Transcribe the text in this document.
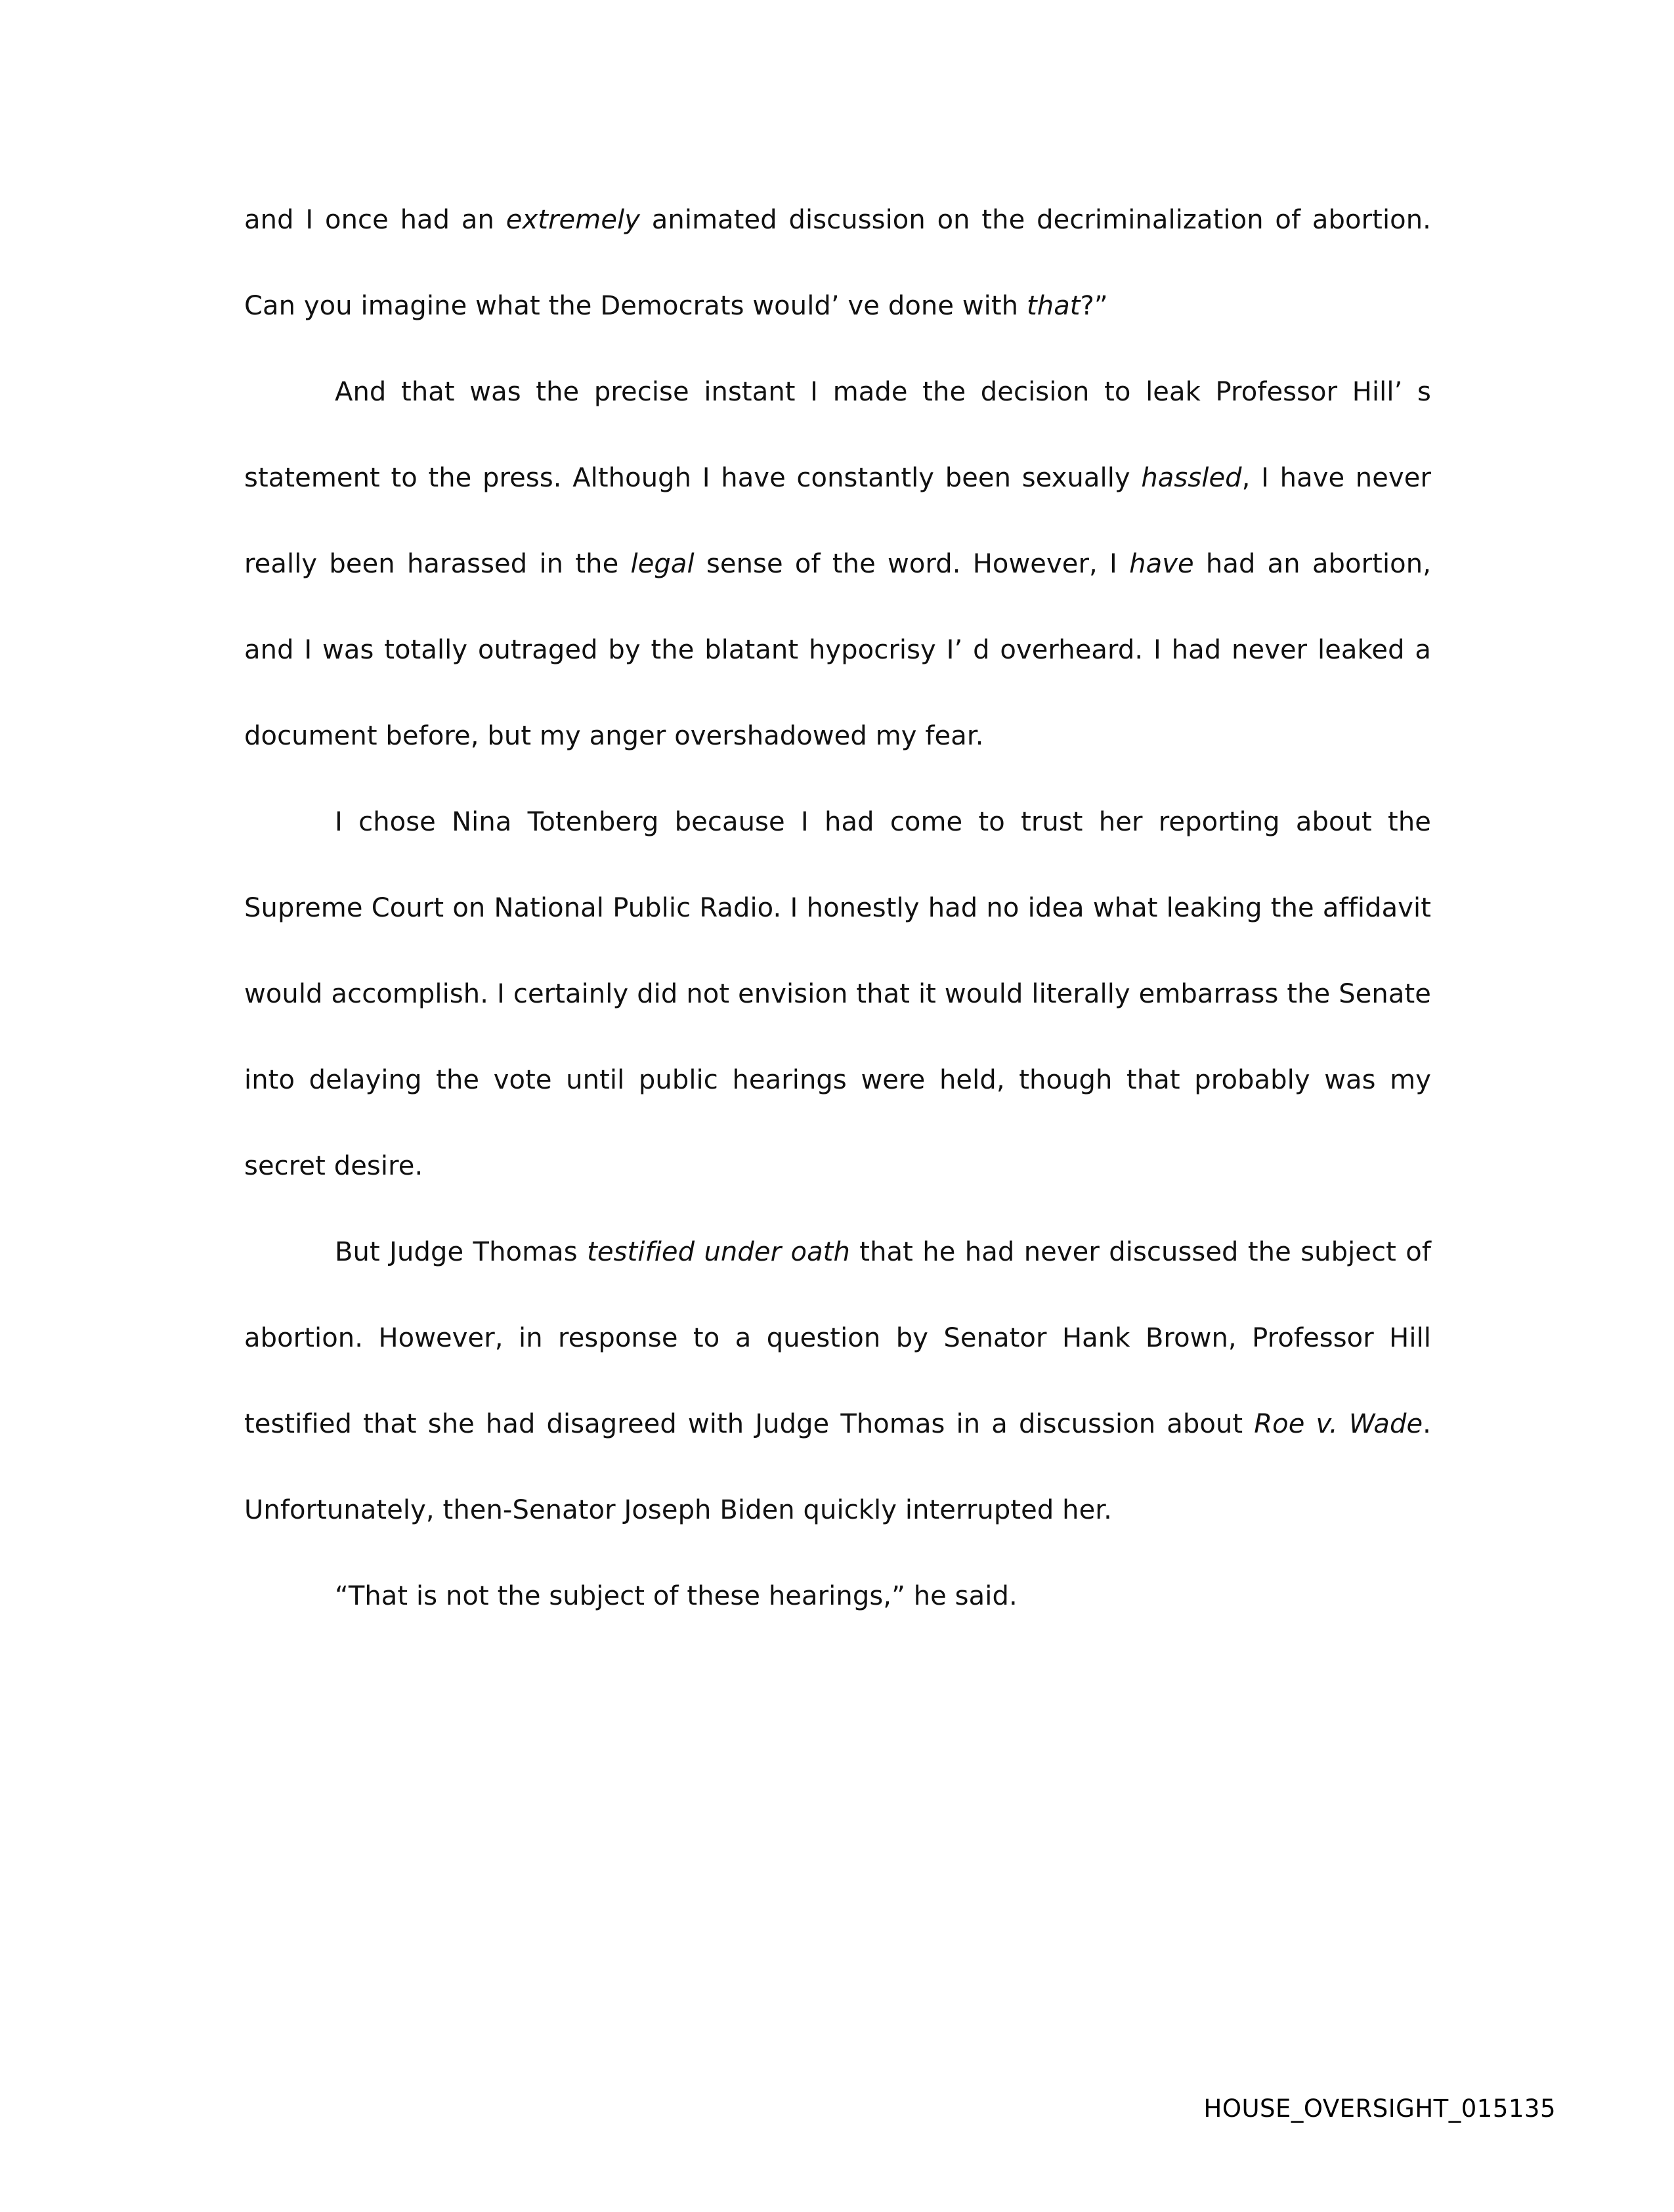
and I once had an extremely animated discussion on the decriminalization of abortion. Can you imagine what the Democrats would’ ve done with that?”

And that was the precise instant I made the decision to leak Professor Hill’ s statement to the press. Although I have constantly been sexually hassled, I have never really been harassed in the legal sense of the word. However, I have had an abortion, and I was totally outraged by the blatant hypocrisy I’ d overheard. I had never leaked a document before, but my anger overshadowed my fear.

I chose Nina Totenberg because I had come to trust her reporting about the Supreme Court on National Public Radio. I honestly had no idea what leaking the affidavit would accomplish. I certainly did not envision that it would literally embarrass the Senate into delaying the vote until public hearings were held, though that probably was my secret desire.

But Judge Thomas testified under oath that he had never discussed the subject of abortion. However, in response to a question by Senator Hank Brown, Professor Hill testified that she had disagreed with Judge Thomas in a discussion about Roe v. Wade. Unfortunately, then-Senator Joseph Biden quickly interrupted her.

“That is not the subject of these hearings,” he said.

HOUSE_OVERSIGHT_015135
